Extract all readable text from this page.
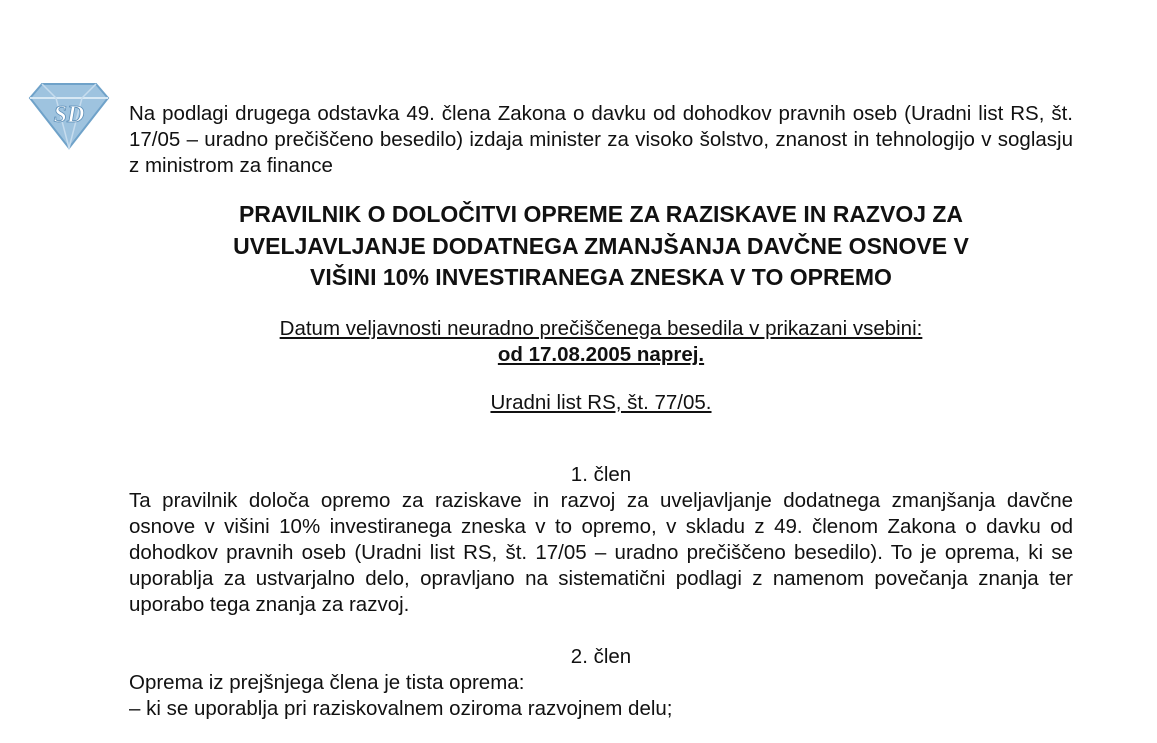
SD Na podlagi drugega odstavka 49. člena Zakona o davku od dohodkov pravnih oseb (Uradni list RS, št. 17/05 – uradno prečiščeno besedilo) izdaja minister za visoko šolstvo, znanost in tehnologijo v soglasju z ministrom za finance

PRAVILNIK O DOLOČITVI OPREME ZA RAZISKAVE IN RAZVOJ ZA
UVELJAVLJANJE DODATNEGA ZMANJŠANJA DAVČNE OSNOVE V
VIŠINI 10% INVESTIRANEGA ZNESKA V TO OPREMO
Datum veljavnosti neuradno prečiščenega besedila v prikazani vsebini:
od 17.08.2005 naprej.
Uradni list RS, št. 77/05.
1. člen

Ta pravilnik določa opremo za raziskave in razvoj za uveljavljanje dodatnega zmanjšanja davčne osnove v višini 10% investiranega zneska v to opremo, v skladu z 49. členom Zakona o davku od dohodkov pravnih oseb (Uradni list RS, št. 17/05 – uradno prečiščeno besedilo). To je oprema, ki se uporablja za ustvarjalno delo, opravljano na sistematični podlagi z namenom povečanja znanja ter uporabo tega znanja za razvoj.

2. člen

Oprema iz prejšnjega člena je tista oprema:

– ki se uporablja pri raziskovalnem oziroma razvojnem delu;
